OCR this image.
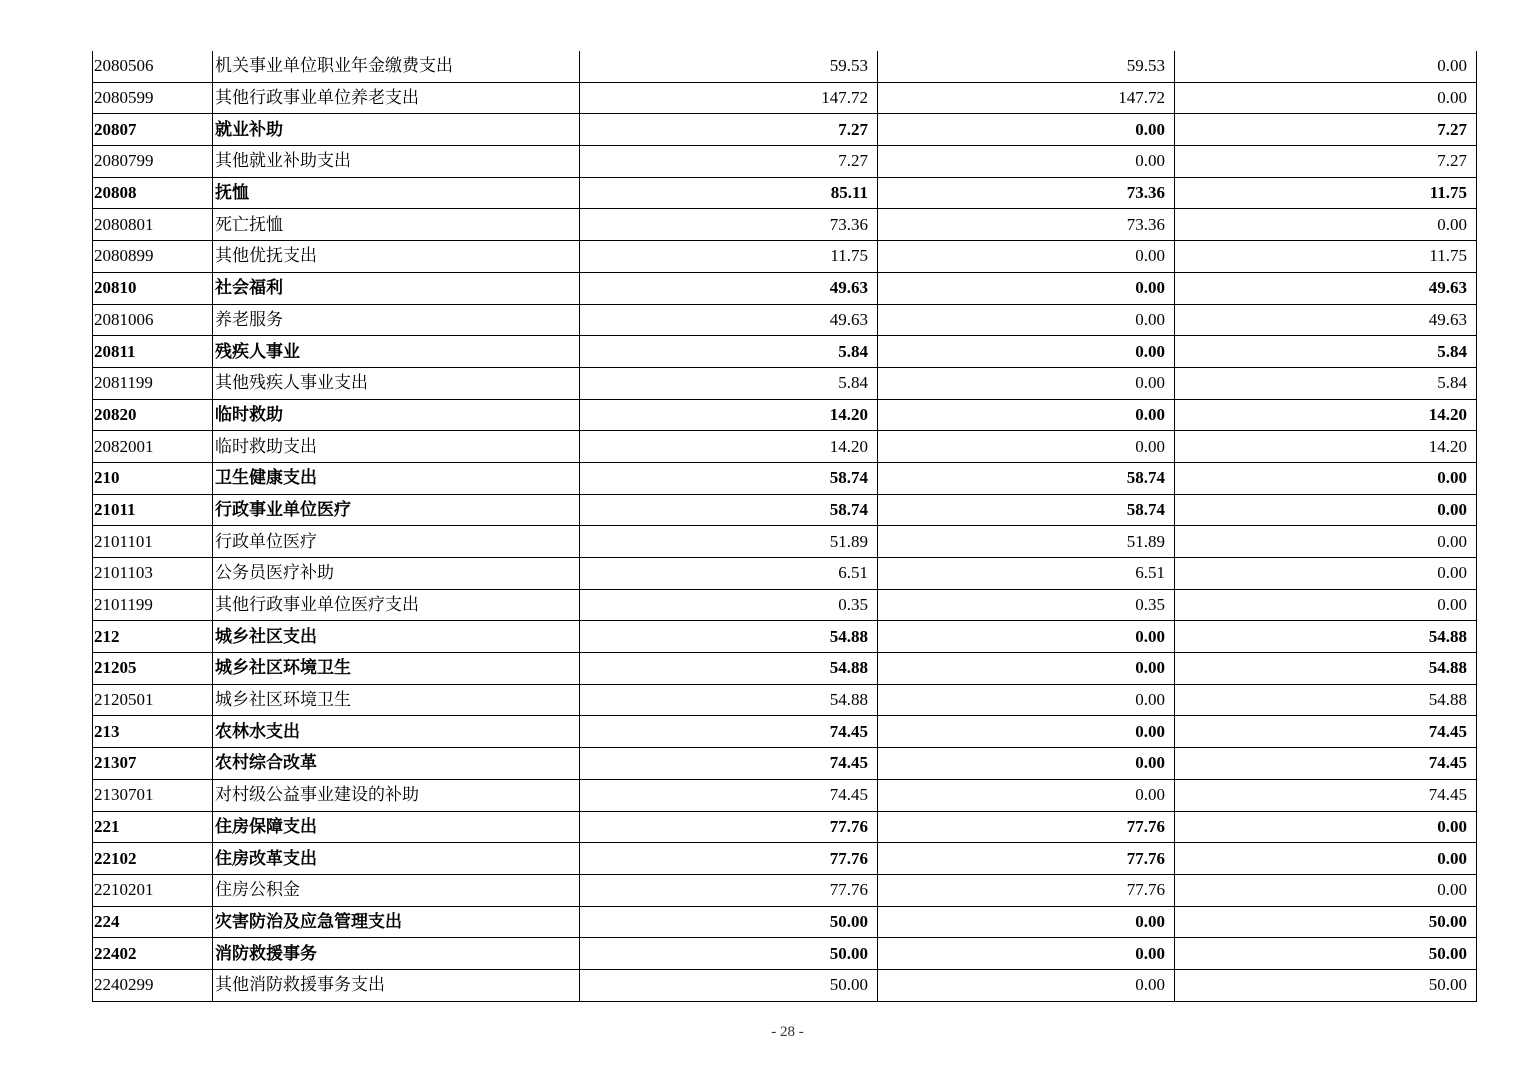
2080506	机关事业单位职业年金缴费支出	59.53	59.53	0.00
2080599	其他行政事业单位养老支出	147.72	147.72	0.00
20807	就业补助	7.27	0.00	7.27
2080799	其他就业补助支出	7.27	0.00	7.27
20808	抚恤	85.11	73.36	11.75
2080801	死亡抚恤	73.36	73.36	0.00
2080899	其他优抚支出	11.75	0.00	11.75
20810	社会福利	49.63	0.00	49.63
2081006	养老服务	49.63	0.00	49.63
20811	残疾人事业	5.84	0.00	5.84
2081199	其他残疾人事业支出	5.84	0.00	5.84
20820	临时救助	14.20	0.00	14.20
2082001	临时救助支出	14.20	0.00	14.20
210	卫生健康支出	58.74	58.74	0.00
21011	行政事业单位医疗	58.74	58.74	0.00
2101101	行政单位医疗	51.89	51.89	0.00
2101103	公务员医疗补助	6.51	6.51	0.00
2101199	其他行政事业单位医疗支出	0.35	0.35	0.00
212	城乡社区支出	54.88	0.00	54.88
21205	城乡社区环境卫生	54.88	0.00	54.88
2120501	城乡社区环境卫生	54.88	0.00	54.88
213	农林水支出	74.45	0.00	74.45
21307	农村综合改革	74.45	0.00	74.45
2130701	对村级公益事业建设的补助	74.45	0.00	74.45
221	住房保障支出	77.76	77.76	0.00
22102	住房改革支出	77.76	77.76	0.00
2210201	住房公积金	77.76	77.76	0.00
224	灾害防治及应急管理支出	50.00	0.00	50.00
22402	消防救援事务	50.00	0.00	50.00
2240299	其他消防救援事务支出	50.00	0.00	50.00
- 28 -
